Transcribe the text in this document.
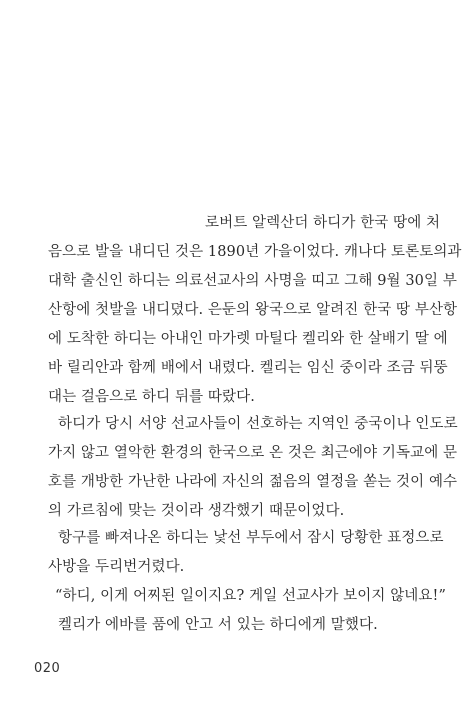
로버트 알렉산더 하디가 한국 땅에 처
음으로 발을 내디딘 것은 1890년 가을이었다. 캐나다 토론토의과
대학 출신인 하디는 의료선교사의 사명을 띠고 그해 9월 30일 부
산항에 첫발을 내디뎠다. 은둔의 왕국으로 알려진 한국 땅 부산항
에 도착한 하디는 아내인 마가렛 마틸다 켈리와 한 살배기 딸 에
바 릴리안과 함께 배에서 내렸다. 켈리는 임신 중이라 조금 뒤뚱
대는 걸음으로 하디 뒤를 따랐다.
하디가 당시 서양 선교사들이 선호하는 지역인 중국이나 인도로
가지 않고 열악한 환경의 한국으로 온 것은 최근에야 기독교에 문
호를 개방한 가난한 나라에 자신의 젊음의 열정을 쏟는 것이 예수
의 가르침에 맞는 것이라 생각했기 때문이었다.
항구를 빠져나온 하디는 낯선 부두에서 잠시 당황한 표정으로
사방을 두리번거렸다.
“하디, 이게 어찌된 일이지요? 게일 선교사가 보이지 않네요!”
켈리가 에바를 품에 안고 서 있는 하디에게 말했다.
020
